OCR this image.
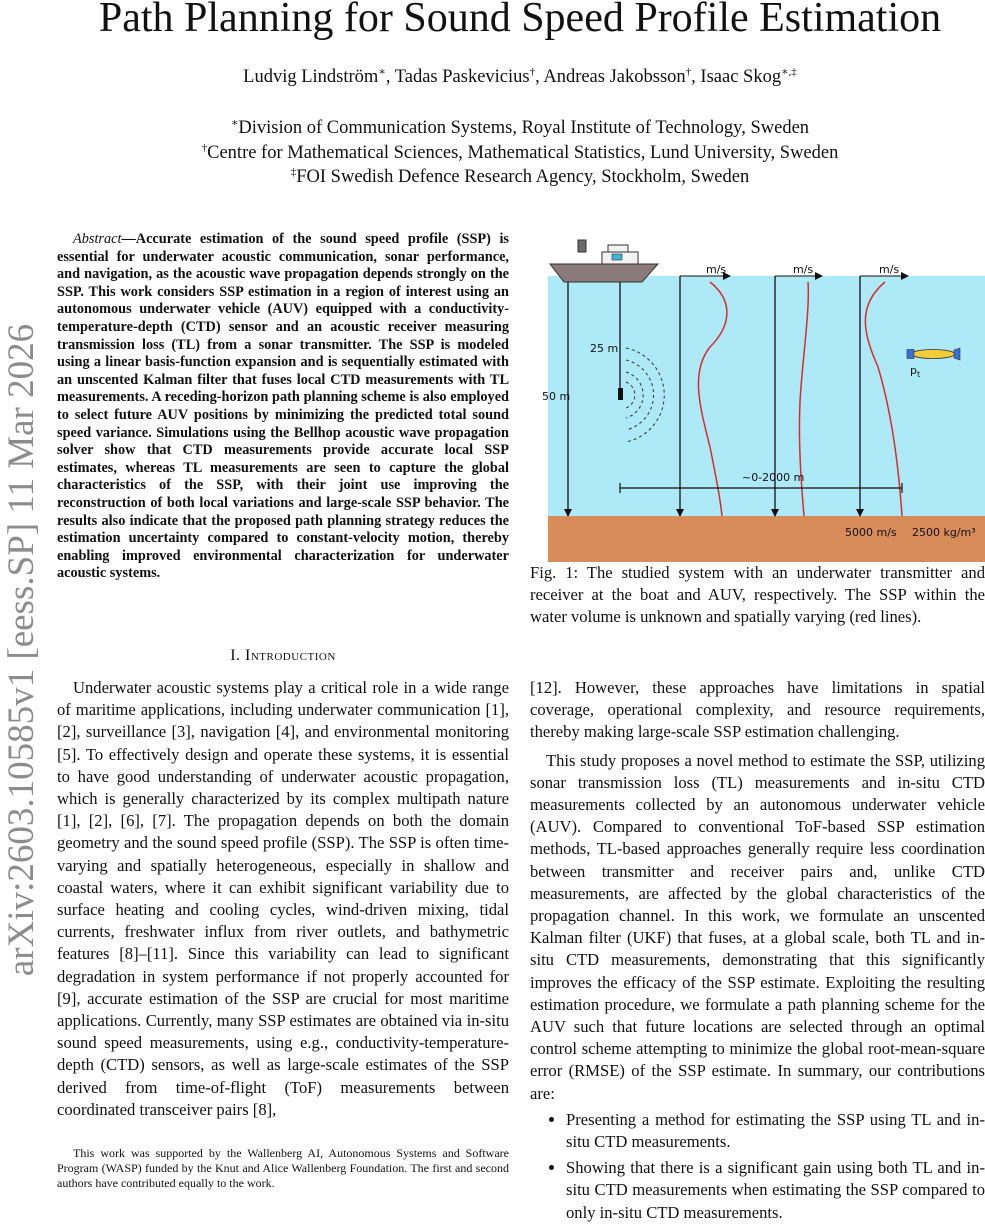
Path Planning for Sound Speed Profile Estimation
Ludvig Lindström∗, Tadas Paskevicius†, Andreas Jakobsson†, Isaac Skog∗,‡
∗Division of Communication Systems, Royal Institute of Technology, Sweden
†Centre for Mathematical Sciences, Mathematical Statistics, Lund University, Sweden
‡FOI Swedish Defence Research Agency, Stockholm, Sweden
arXiv:2603.10585v1 [eess.SP] 11 Mar 2026
Abstract—Accurate estimation of the sound speed profile (SSP) is essential for underwater acoustic communication, sonar performance, and navigation, as the acoustic wave propagation depends strongly on the SSP. This work considers SSP estimation in a region of interest using an autonomous underwater vehicle (AUV) equipped with a conductivity-temperature-depth (CTD) sensor and an acoustic receiver measuring transmission loss (TL) from a sonar transmitter. The SSP is modeled using a linear basis-function expansion and is sequentially estimated with an unscented Kalman filter that fuses local CTD measurements with TL measurements. A receding-horizon path planning scheme is also employed to select future AUV positions by minimizing the predicted total sound speed variance. Simulations using the Bellhop acoustic wave propagation solver show that CTD measurements provide accurate local SSP estimates, whereas TL measurements are seen to capture the global characteristics of the SSP, with their joint use improving the reconstruction of both local variations and large-scale SSP behavior. The results also indicate that the proposed path planning strategy reduces the estimation uncertainty compared to constant-velocity motion, thereby enabling improved environmental characterization for underwater acoustic systems.
I. Introduction

Underwater acoustic systems play a critical role in a wide range of maritime applications, including underwater communication [1], [2], surveillance [3], navigation [4], and environmental monitoring [5]. To effectively design and operate these systems, it is essential to have good understanding of underwater acoustic propagation, which is generally characterized by its complex multipath nature [1], [2], [6], [7]. The propagation depends on both the domain geometry and the sound speed profile (SSP). The SSP is often time-varying and spatially heterogeneous, especially in shallow and coastal waters, where it can exhibit significant variability due to surface heating and cooling cycles, wind-driven mixing, tidal currents, freshwater influx from river outlets, and bathymetric features [8]–[11]. Since this variability can lead to significant degradation in system performance if not properly accounted for [9], accurate estimation of the SSP are crucial for most maritime applications. Currently, many SSP estimates are obtained via in-situ sound speed measurements, using e.g., conductivity-temperature-depth (CTD) sensors, as well as large-scale estimates of the SSP derived from time-of-flight (ToF) measurements between coordinated transceiver pairs [8],

This work was supported by the Wallenberg AI, Autonomous Systems and Software Program (WASP) funded by the Knut and Alice Wallenberg Foundation. The first and second authors have contributed equally to the work.
25 m
50 m
m/s	m/s	m/s
$p_t$
~0-2000 m
5000 m/s 2500 kg/m³
Fig. 1: The studied system with an underwater transmitter and receiver at the boat and AUV, respectively. The SSP within the water volume is unknown and spatially varying (red lines).

[12]. However, these approaches have limitations in spatial coverage, operational complexity, and resource requirements, thereby making large-scale SSP estimation challenging.

This study proposes a novel method to estimate the SSP, utilizing sonar transmission loss (TL) measurements and in-situ CTD measurements collected by an autonomous underwater vehicle (AUV). Compared to conventional ToF-based SSP estimation methods, TL-based approaches generally require less coordination between transmitter and receiver pairs and, unlike CTD measurements, are affected by the global characteristics of the propagation channel. In this work, we formulate an unscented Kalman filter (UKF) that fuses, at a global scale, both TL and in-situ CTD measurements, demonstrating that this significantly improves the efficacy of the SSP estimate. Exploiting the resulting estimation procedure, we formulate a path planning scheme for the AUV such that future locations are selected through an optimal control scheme attempting to minimize the global root-mean-square error (RMSE) of the SSP estimate. In summary, our contributions are:

• Presenting a method for estimating the SSP using TL and in-situ CTD measurements.
• Showing that there is a significant gain using both TL and in-situ CTD measurements when estimating the SSP compared to only in-situ CTD measurements.
